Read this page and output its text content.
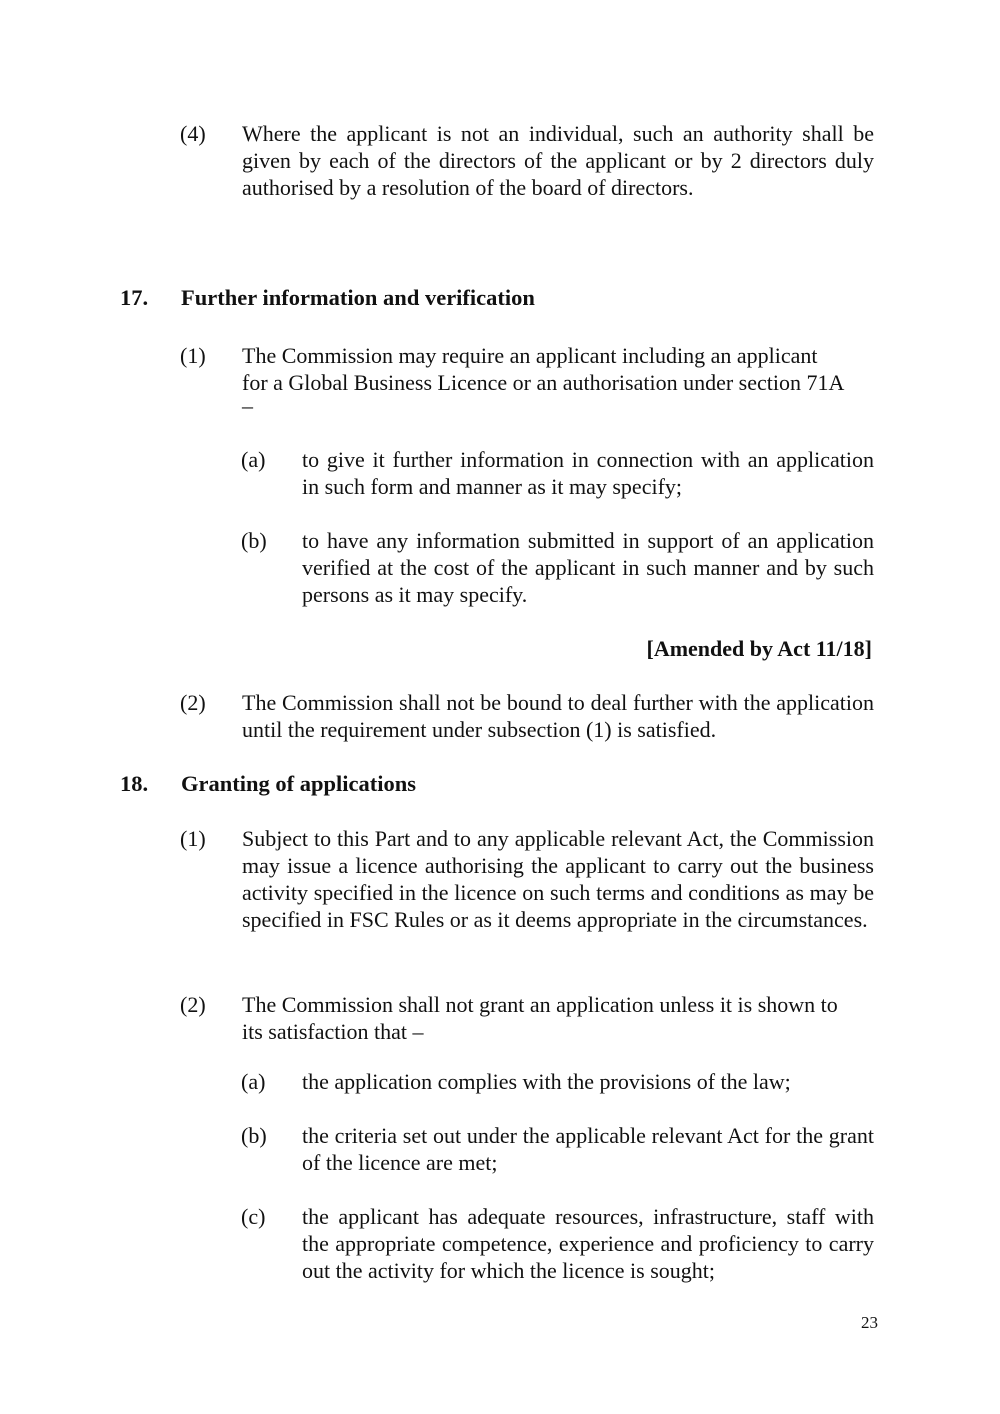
(4) Where the applicant is not an individual, such an authority shall be given by each of the directors of the applicant or by 2 directors duly authorised by a resolution of the board of directors.
17. Further information and verification
(1) The Commission may require an applicant including an applicant
for a Global Business Licence or an authorisation under section 71A
–
(a) to give it further information in connection with an application in such form and manner as it may specify;
(b) to have any information submitted in support of an application verified at the cost of the applicant in such manner and by such persons as it may specify.
[Amended by Act 11/18]
(2) The Commission shall not be bound to deal further with the application until the requirement under subsection (1) is satisfied.
18. Granting of applications
(1) Subject to this Part and to any applicable relevant Act, the Commission may issue a licence authorising the applicant to carry out the business activity specified in the licence on such terms and conditions as may be specified in FSC Rules or as it deems appropriate in the circumstances.
(2) The Commission shall not grant an application unless it is shown to
its satisfaction that –
(a) the application complies with the provisions of the law;
(b) the criteria set out under the applicable relevant Act for the grant of the licence are met;
(c) the applicant has adequate resources, infrastructure, staff with the appropriate competence, experience and proficiency to carry out the activity for which the licence is sought;
23
